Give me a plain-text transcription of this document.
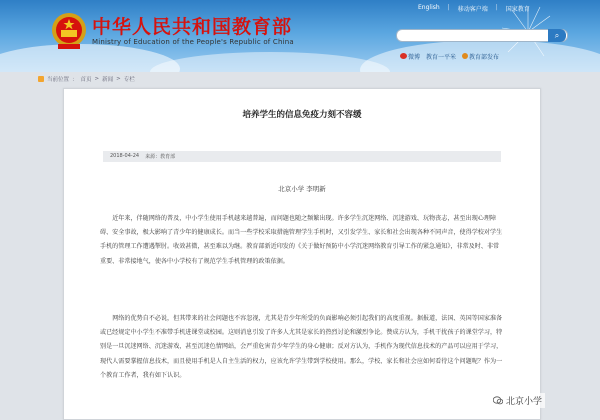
中华人民共和国教育部
Ministry of Education of the People's Republic of China
English | 移动客户端 | 国家教育
⌕
微博 教育一平米	教育部发布
当前位置 ： 首页 > 新闻 > 专栏
培养学生的信息免疫力刻不容缓
2018-04-24 来源：教育部
北京小学 李明新

近年来，伴随网络的普及，中小学生使用手机越来越普遍，而问题也随之频繁出现。许多学生沉迷网络、沉迷游戏、玩物丧志，甚至出现心理障碍、安全事故，极大影响了青少年的健康成长。而当一些学校采取措施管理学生手机时，又引发学生、家长和社会出现各种不同声音，使得学校对学生手机的管理工作遭遇掣肘。收效甚微，甚至难以为继。教育部新近印发的《关于做好预防中小学沉迷网络教育引导工作的紧急通知》，非常及时、非常重要、非常接地气，使各中小学校有了规范学生手机管理的政策依据。

网络的优势自不必说，但其带来的社会问题也不容忽视，尤其是青少年所受的负面影响必须引起我们的高度重视。据报道，法国、英国等国家准备或已经规定中小学生不准带手机进课堂或校园。这则消息引发了许多人尤其是家长的热烈讨论和激烈争论。赞成方认为，手机干扰孩子的课堂学习，特别是一旦沉迷网络、沉迷游戏，甚至沉迷色情网站，会严重危害青少年学生的身心健康；反对方认为，手机作为现代信息技术的产品可以应用于学习，现代人需要掌握信息技术，而且使用手机是人自主生活的权力，应该允许学生带到学校使用。那么，学校、家长和社会应如何看待这个问题呢？作为一个教育工作者，我有如下认识。

北京小学
